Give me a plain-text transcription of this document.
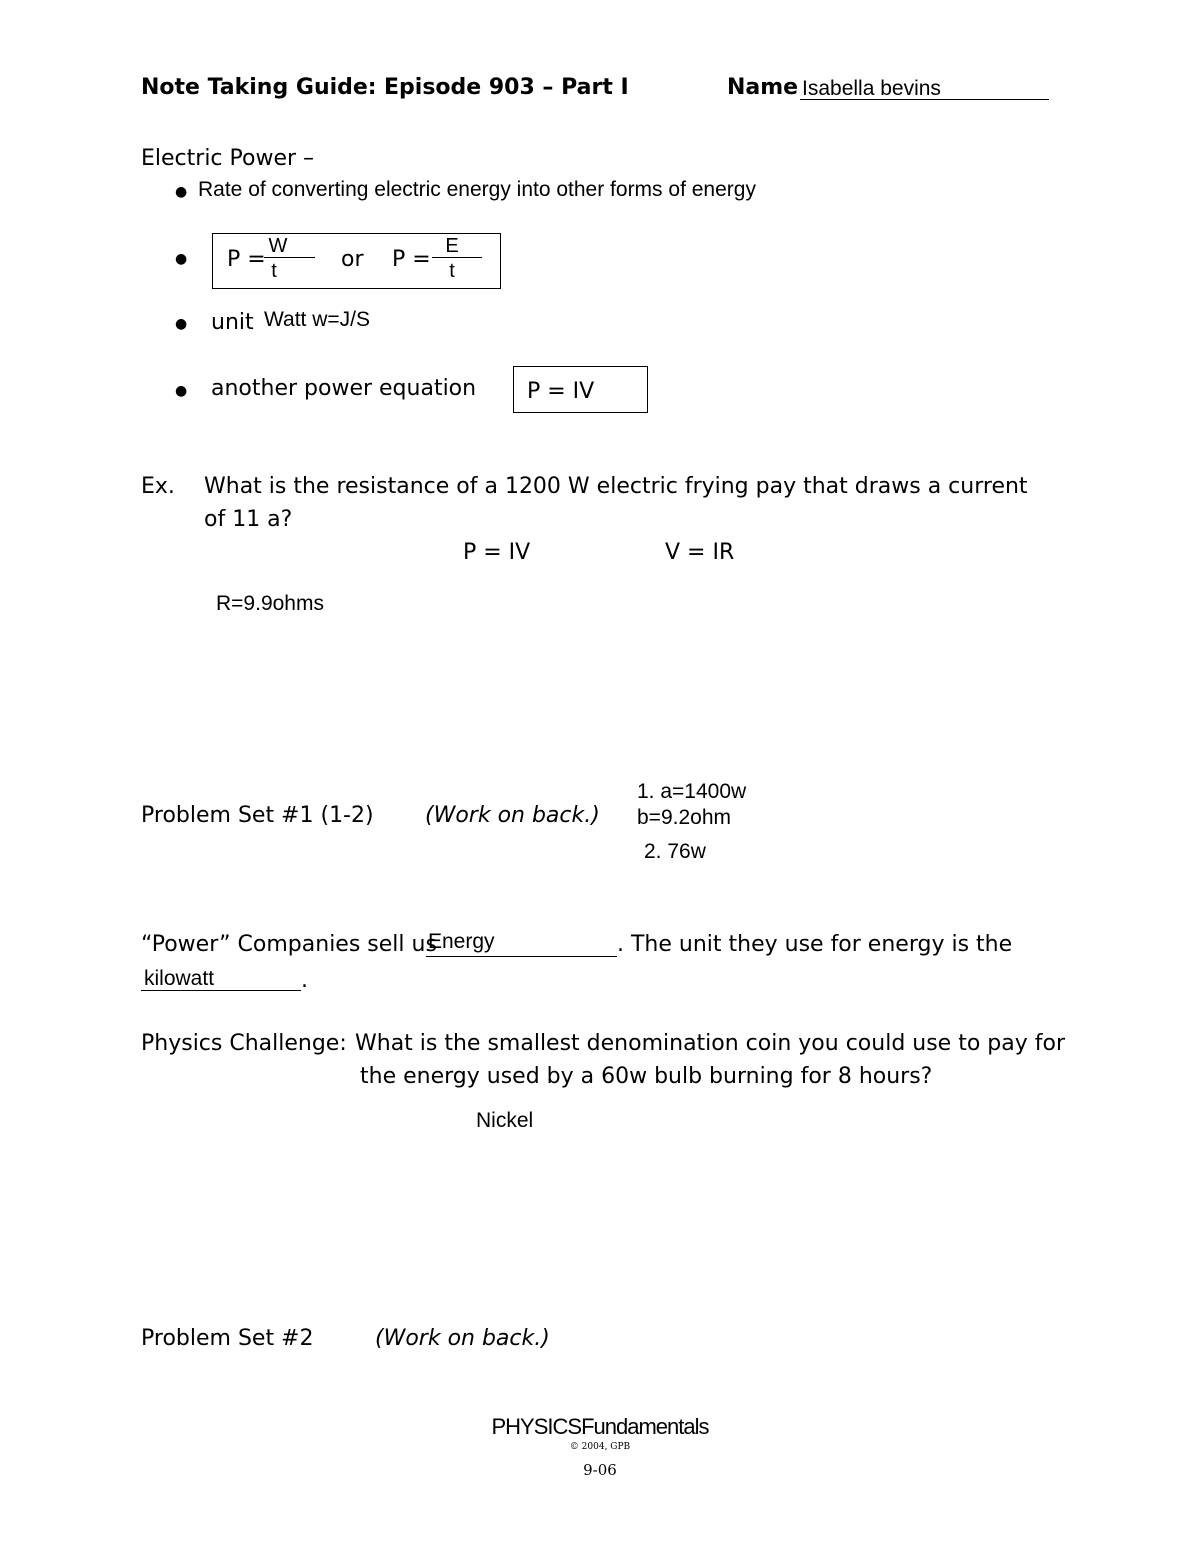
Note Taking Guide: Episode 903 – Part I	Name Isabella bevins
Electric Power –
● Rate of converting electric energy into other forms of energy
● P =
W
t	or P =
E
t
● unit Watt w=J/S
● another power equation P = IV
Ex. What is the resistance of a 1200 W electric frying pay that draws a current
of 11 a?
P = IV	V = IR
R=9.9ohms
Problem Set #1 (1-2) (Work on back.)
1. a=1400w
b=9.2ohm
2. 76w
“Power” Companies sell us
Energy	. The unit they use for energy is the
kilowatt	.
Physics Challenge: What is the smallest denomination coin you could use to pay for
the energy used by a 60w bulb burning for 8 hours?
Nickel
Problem Set #2	(Work on back.)
PHYSICSFundamentals
© 2004, GPB
9-06
